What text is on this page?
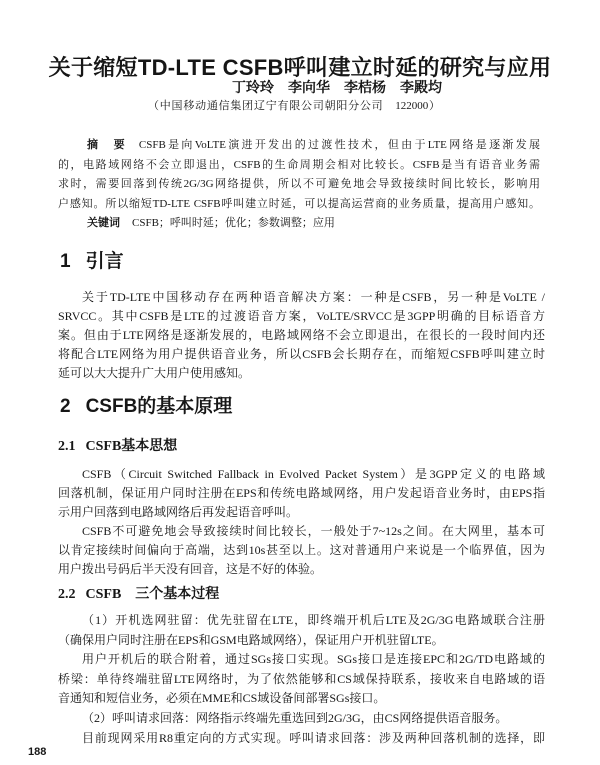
关于缩短TD-LTE CSFB呼叫建立时延的研究与应用
丁玲玲　李向华　李桔杨　李殿均
（中国移动通信集团辽宁有限公司朝阳分公司　122000）
摘　要 CSFB是向VoLTE演进开发出的过渡性技术，但由于LTE网络是逐渐发展
的，电路域网络不会立即退出，CSFB的生命周期会相对比较长。CSFB是当有语音业务需
求时，需要回落到传统2G/3G网络提供，所以不可避免地会导致接续时间比较长，影响用
户感知。所以缩短TD-LTE CSFB呼叫建立时延，可以提高运营商的业务质量，提高用户感知。
关键词 CSFB；呼叫时延；优化；参数调整；应用
1 引言
关于TD-LTE中国移动存在两种语音解决方案：一种是CSFB，另一种是VoLTE /
SRVCC。其中CSFB是LTE的过渡语音方案，VoLTE/SRVCC是3GPP明确的目标语音方
案。但由于LTE网络是逐渐发展的，电路域网络不会立即退出，在很长的一段时间内还
将配合LTE网络为用户提供语音业务，所以CSFB会长期存在，而缩短CSFB呼叫建立时
延可以大大提升广大用户使用感知。
2 CSFB的基本原理
2.1 CSFB基本思想
CSFB（Circuit Switched Fallback in Evolved Packet System）是3GPP定义的电路域
回落机制，保证用户同时注册在EPS和传统电路域网络，用户发起语音业务时，由EPS指
示用户回落到电路域网络后再发起语音呼叫。
CSFB不可避免地会导致接续时间比较长，一般处于7~12s之间。在大网里，基本可
以肯定接续时间偏向于高端，达到10s甚至以上。这对普通用户来说是一个临界值，因为
用户拨出号码后半天没有回音，这是不好的体验。
2.2 CSFB　三个基本过程
（1）开机选网驻留：优先驻留在LTE，即终端开机后LTE及2G/3G电路域联合注册
（确保用户同时注册在EPS和GSM电路域网络），保证用户开机驻留LTE。
用户开机后的联合附着，通过SGs接口实现。SGs接口是连接EPC和2G/TD电路域的
桥梁：单待终端驻留LTE网络时，为了依然能够和CS域保持联系，接收来自电路域的语
音通知和短信业务，必须在MME和CS域设备间部署SGs接口。
（2）呼叫请求回落：网络指示终端先重选回到2G/3G，由CS网络提供语音服务。
目前现网采用R8重定向的方式实现。呼叫请求回落：涉及两种回落机制的选择，即
188
